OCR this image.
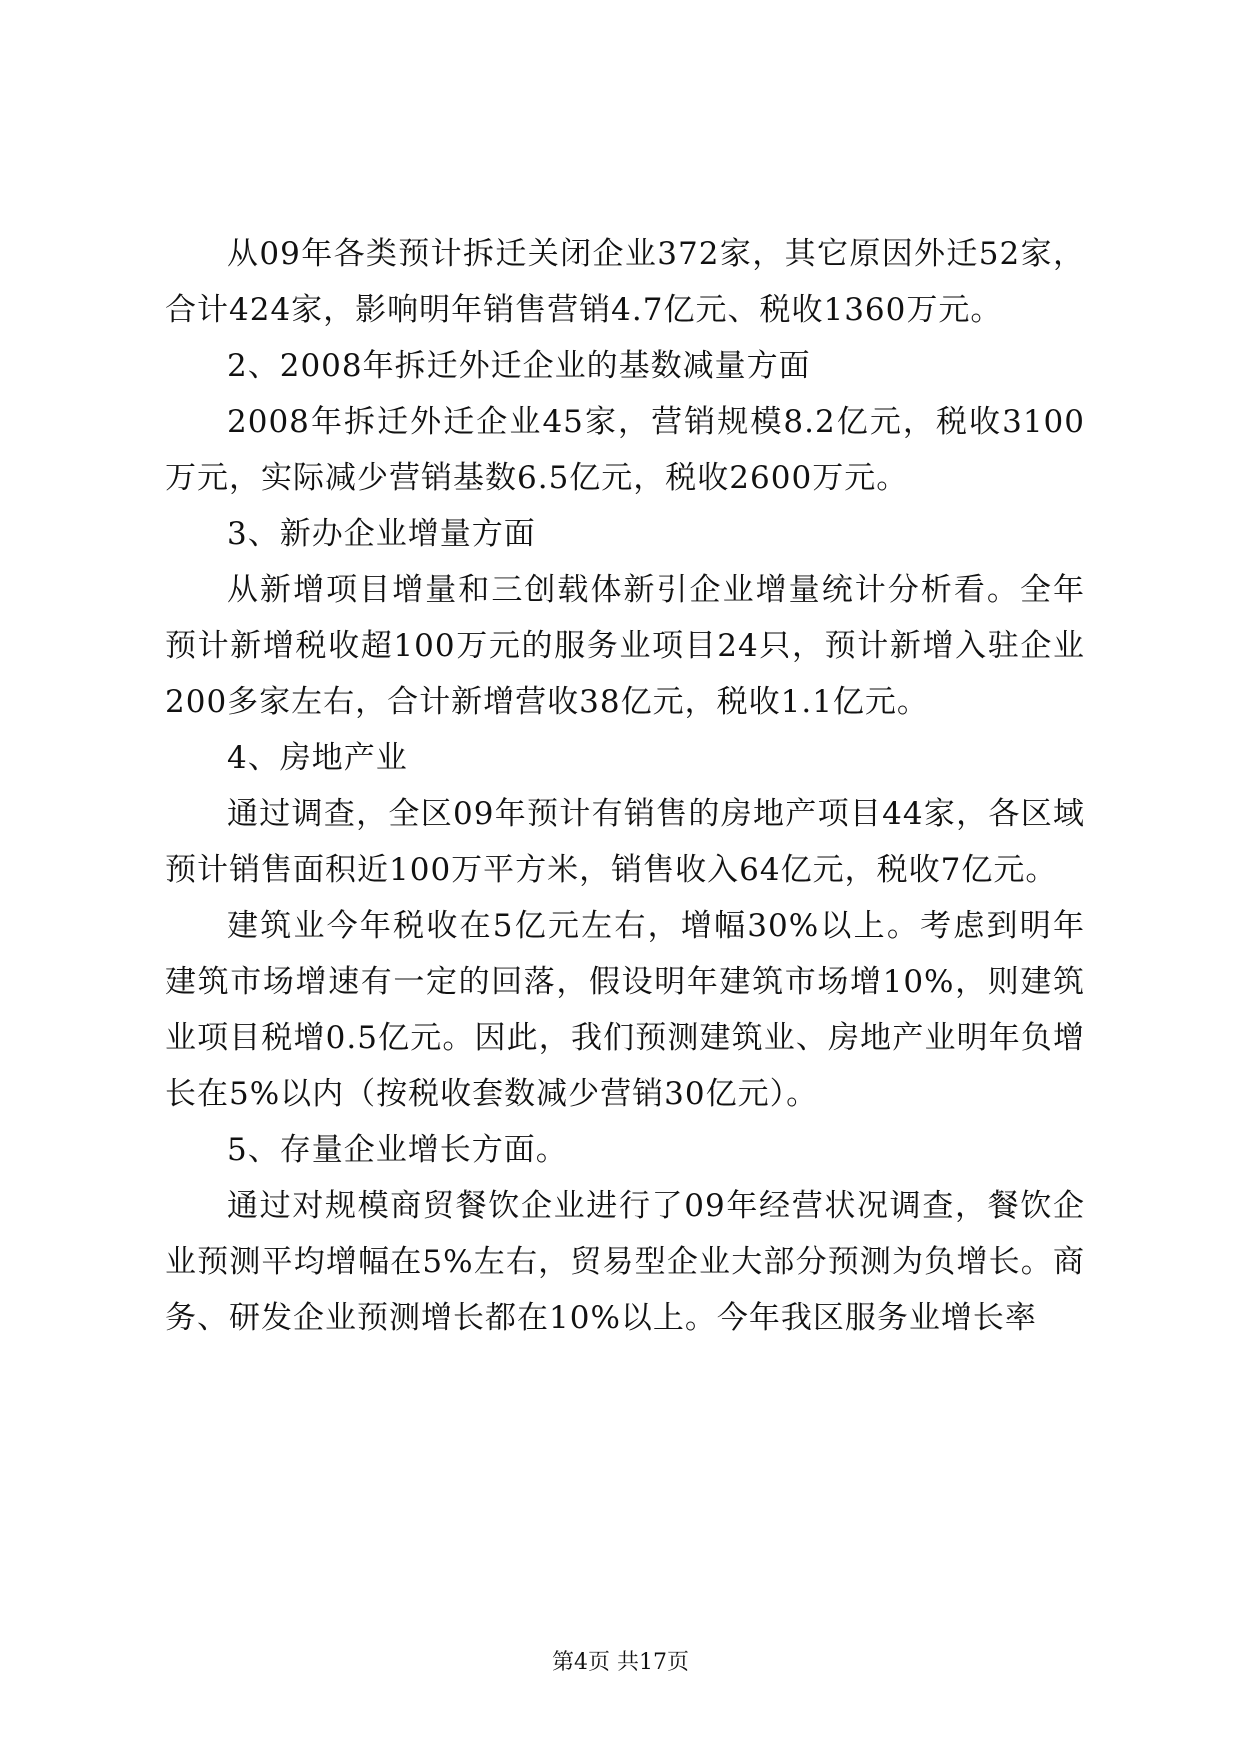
从09年各类预计拆迁关闭企业372家，其它原因外迁52家，合计424家，影响明年销售营销4.7亿元、税收1360万元。

2、2008年拆迁外迁企业的基数减量方面

2008年拆迁外迁企业45家，营销规模8.2亿元，税收3100万元，实际减少营销基数6.5亿元，税收2600万元。

3、新办企业增量方面

从新增项目增量和三创载体新引企业增量统计分析看。全年预计新增税收超100万元的服务业项目24只，预计新增入驻企业200多家左右，合计新增营收38亿元，税收1.1亿元。

4、房地产业

通过调查，全区09年预计有销售的房地产项目44家，各区域预计销售面积近100万平方米，销售收入64亿元，税收7亿元。

建筑业今年税收在5亿元左右，增幅30%以上。考虑到明年建筑市场增速有一定的回落，假设明年建筑市场增10%，则建筑业项目税增0.5亿元。因此，我们预测建筑业、房地产业明年负增长在5%以内（按税收套数减少营销30亿元）。

5、存量企业增长方面。

通过对规模商贸餐饮企业进行了09年经营状况调查，餐饮企业预测平均增幅在5%左右，贸易型企业大部分预测为负增长。商务、研发企业预测增长都在10%以上。今年我区服务业增长率

第4页 共17页
